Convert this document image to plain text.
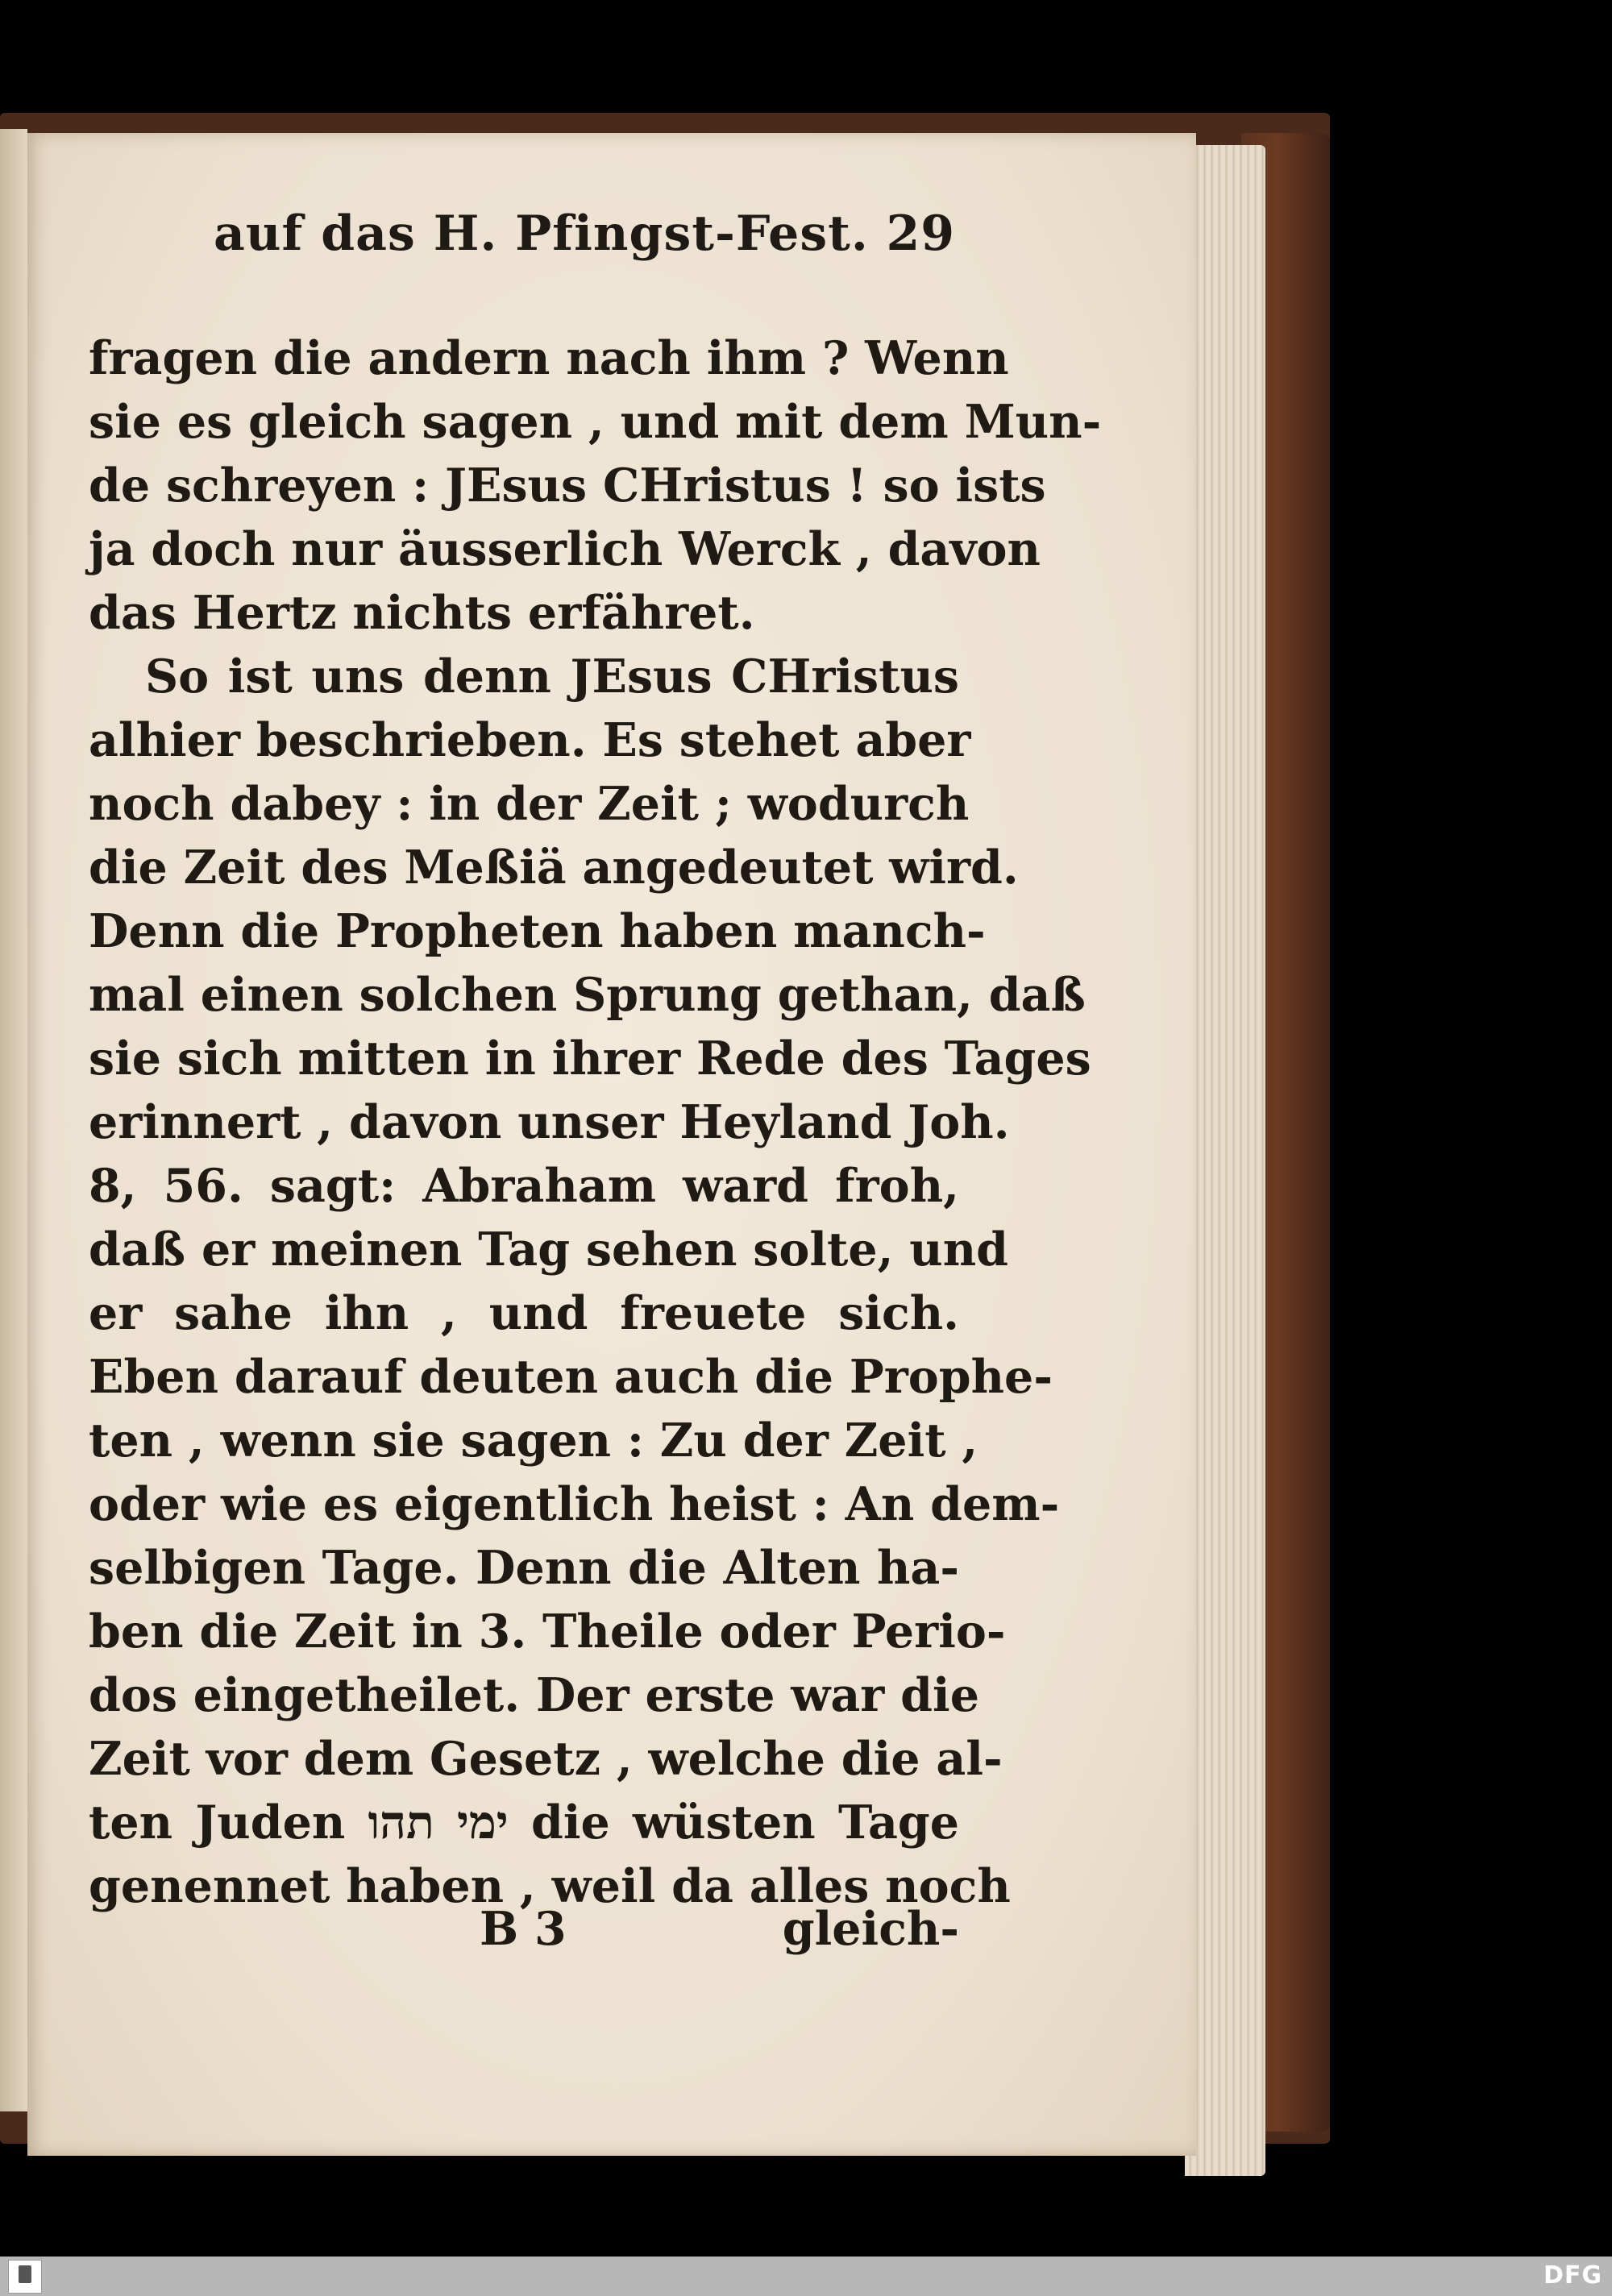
auf das H. Pfingst-Fest. 29
fragen die andern nach ihm ? Wenn
sie es gleich sagen , und mit dem Mun-
de schreyen : JEsus CHristus ! so ists
ja doch nur äusserlich Werck , davon
das Hertz nichts erfähret.
So ist uns denn JEsus CHristus
alhier beschrieben. Es stehet aber
noch dabey : in der Zeit ; wodurch
die Zeit des Meßiä angedeutet wird.
Denn die Propheten haben manch-
mal einen solchen Sprung gethan, daß
sie sich mitten in ihrer Rede des Tages
erinnert , davon unser Heyland Joh.
8, 56. sagt: Abraham ward froh,
daß er meinen Tag sehen solte, und
er sahe ihn , und freuete sich.
Eben darauf deuten auch die Prophe-
ten , wenn sie sagen : Zu der Zeit ,
oder wie es eigentlich heist : An dem-
selbigen Tage. Denn die Alten ha-
ben die Zeit in 3. Theile oder Perio-
dos eingetheilet. Der erste war die
Zeit vor dem Gesetz , welche die al-
ten Juden ימי תהו die wüsten Tage
genennet haben , weil da alles noch
B 3	gleich-
DFG
